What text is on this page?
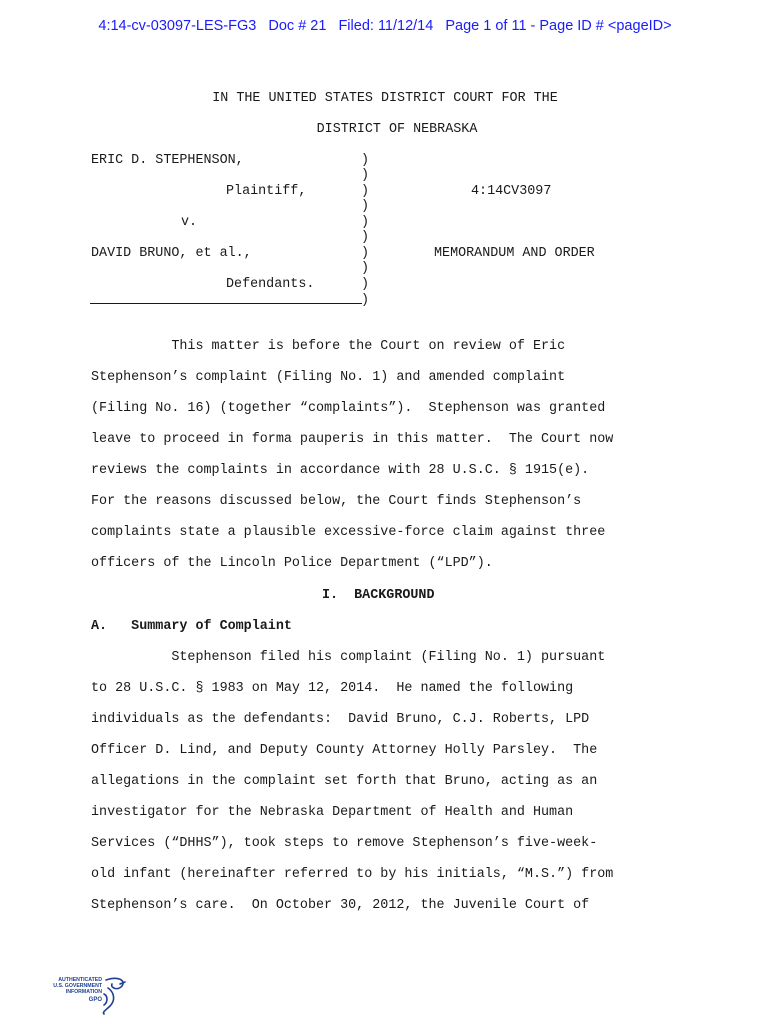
4:14-cv-03097-LES-FG3 Doc # 21 Filed: 11/12/14 Page 1 of 11 - Page ID # <pageID>
IN THE UNITED STATES DISTRICT COURT FOR THE
DISTRICT OF NEBRASKA
ERIC D. STEPHENSON,
Plaintiff,
v.
DAVID BRUNO, et al.,
Defendants.
)
)
)
)
)
)
)
)
)
)
4:14CV3097
MEMORANDUM AND ORDER
This matter is before the Court on review of Eric
Stephenson’s complaint (Filing No. 1) and amended complaint
(Filing No. 16) (together “complaints”).  Stephenson was granted
leave to proceed in forma pauperis in this matter.  The Court now
reviews the complaints in accordance with 28 U.S.C. § 1915(e).
For the reasons discussed below, the Court finds Stephenson’s
complaints state a plausible excessive-force claim against three
officers of the Lincoln Police Department (“LPD”).
I.  BACKGROUND
A.   Summary of Complaint
Stephenson filed his complaint (Filing No. 1) pursuant
to 28 U.S.C. § 1983 on May 12, 2014.  He named the following
individuals as the defendants:  David Bruno, C.J. Roberts, LPD
Officer D. Lind, and Deputy County Attorney Holly Parsley.  The
allegations in the complaint set forth that Bruno, acting as an
investigator for the Nebraska Department of Health and Human
Services (“DHHS”), took steps to remove Stephenson’s five-week-
old infant (hereinafter referred to by his initials, “M.S.”) from
Stephenson’s care.  On October 30, 2012, the Juvenile Court of
AUTHENTICATED
U.S. GOVERNMENT
INFORMATION
GPO
